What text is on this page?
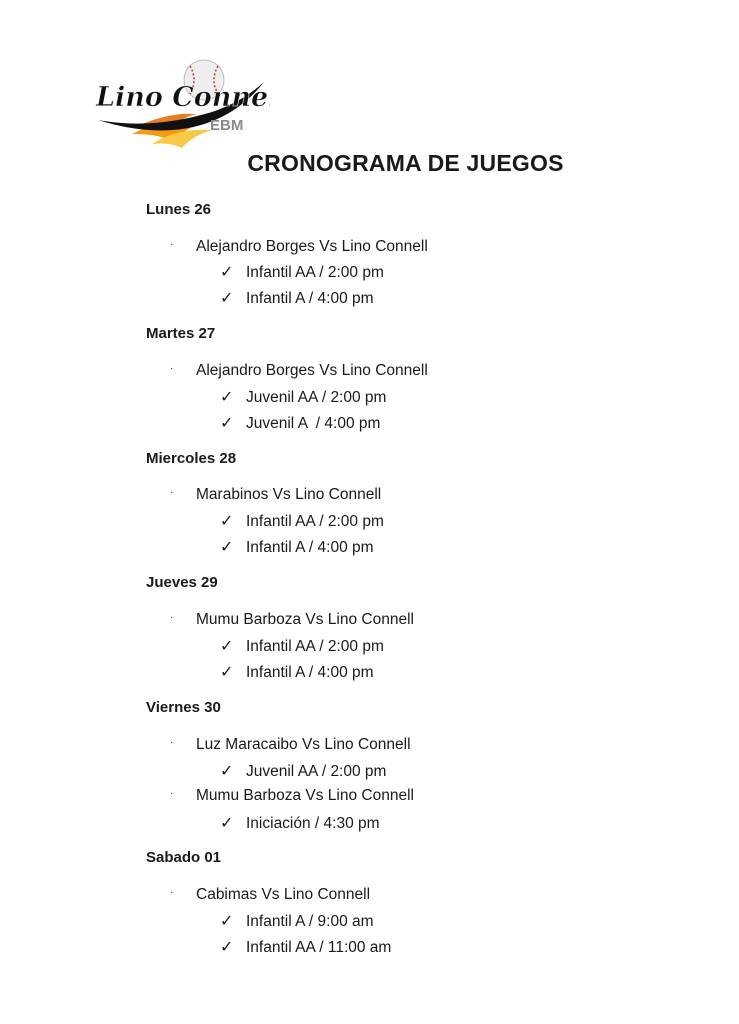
Lino Connell
EBM
CRONOGRAMA DE JUEGOS
Lunes 26
· Alejandro Borges Vs Lino Connell
✓ Infantil AA / 2:00 pm
✓ Infantil A / 4:00 pm
Martes 27
· Alejandro Borges Vs Lino Connell
✓ Juvenil AA / 2:00 pm
✓ Juvenil A  / 4:00 pm
Miercoles 28
· Marabinos Vs Lino Connell
✓ Infantil AA / 2:00 pm
✓ Infantil A / 4:00 pm
Jueves 29
· Mumu Barboza Vs Lino Connell
✓ Infantil AA / 2:00 pm
✓ Infantil A / 4:00 pm
Viernes 30
· Luz Maracaibo Vs Lino Connell
✓ Juvenil AA / 2:00 pm
· Mumu Barboza Vs Lino Connell
✓ Iniciación / 4:30 pm
Sabado 01
· Cabimas Vs Lino Connell
✓ Infantil A / 9:00 am
✓ Infantil AA / 11:00 am
